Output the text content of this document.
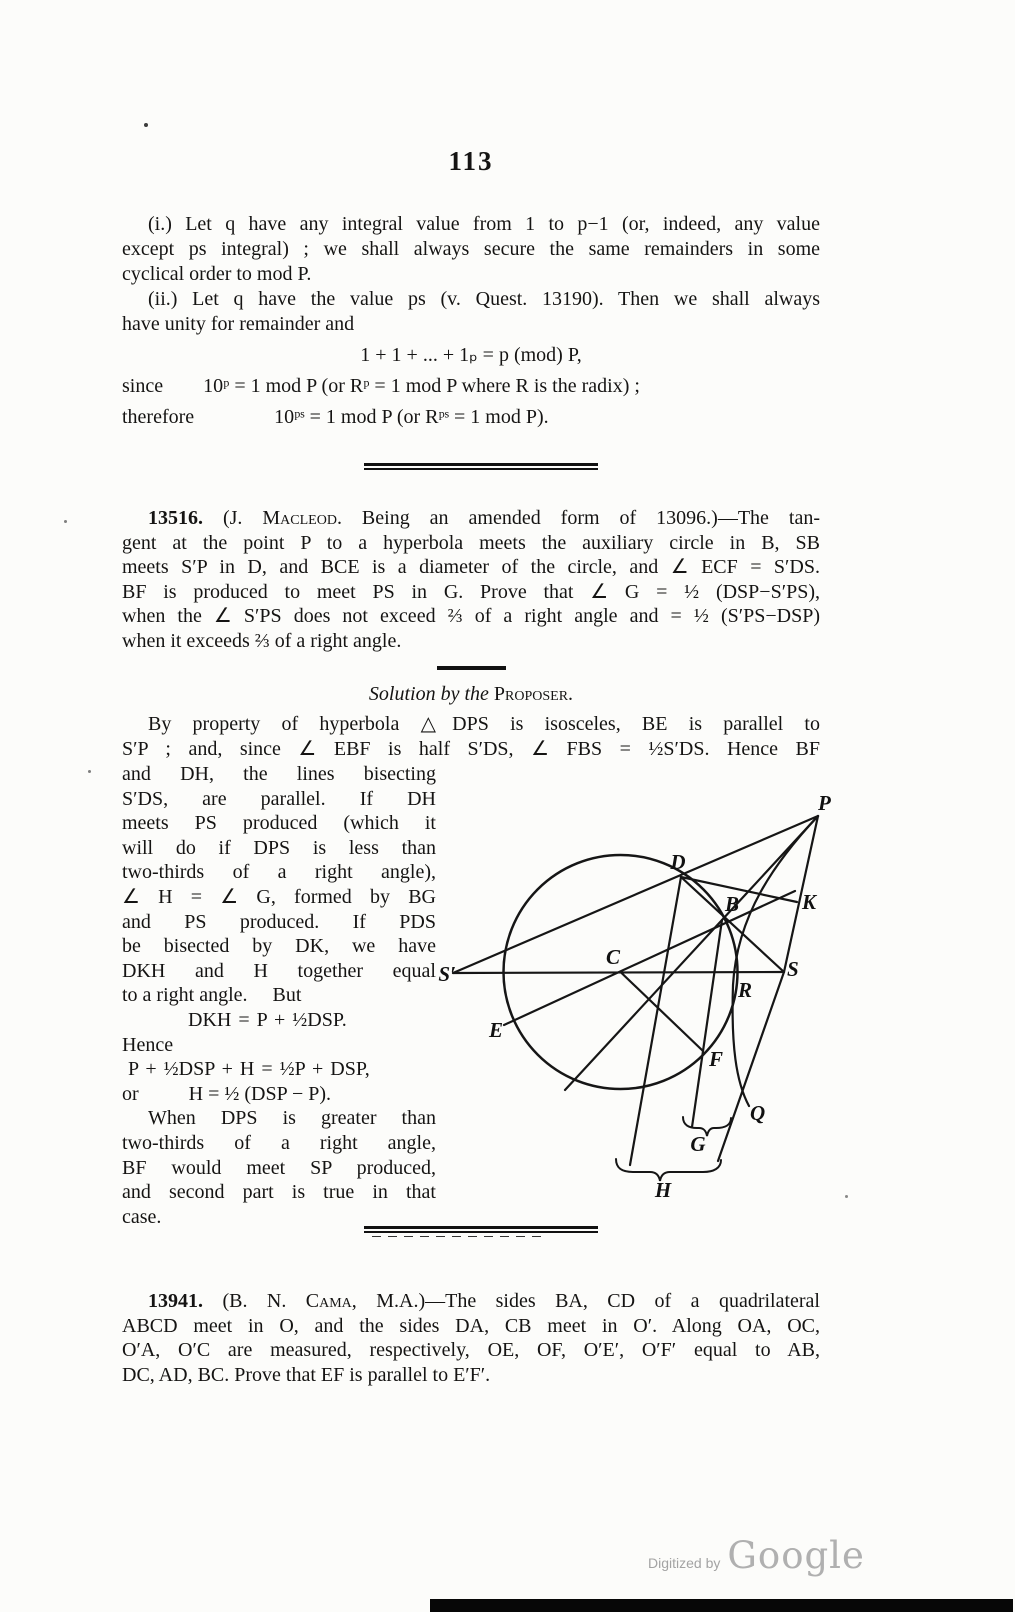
113
(i.) Let q have any integral value from 1 to p−1 (or, indeed, any value
except ps integral) ; we shall always secure the same remainders in some
cyclical order to mod P.
(ii.) Let q have the value ps (v. Quest. 13190). Then we shall always
have unity for remainder and
1 + 1 + ... + 1ₚ = p (mod) P,
since  10ᵖ = 1 mod P (or Rᵖ = 1 mod P where R is the radix) ;
therefore    10ᵖˢ = 1 mod P (or Rᵖˢ = 1 mod P).
13516. (J. Macleod. Being an amended form of 13096.)—The tan-
gent at the point P to a hyperbola meets the auxiliary circle in B, SB
meets S′P in D, and BCE is a diameter of the circle, and ∠ ECF = S′DS.
BF is produced to meet PS in G. Prove that ∠ G = ½ (DSP−S′PS),
when the ∠ S′PS does not exceed ⅔ of a right angle and = ½ (S′PS−DSP)
when it exceeds ⅔ of a right angle.
Solution by the Proposer.
By property of hyperbola △DPS is isosceles, BE is parallel to
S′P ; and, since ∠ EBF is half S′DS, ∠ FBS = ½S′DS. Hence BF
and DH, the lines bisecting
S′DS, are parallel. If DH
meets PS produced (which it
will do if DPS is less than
two-thirds of a right angle),
∠ H = ∠ G, formed by BG
and PS produced. If PDS
be bisected by DK, we have
DKH and H together equal
to a right angle.   But
DKH = P + ½DSP.
Hence
P + ½DSP + H = ½P + DSP,
or   H = ½ (DSP − P).
When DPS is greater than
two-thirds of a right angle,
BF would meet SP produced,
and second part is true in that
case.
P
D
B	K
C
S′	S
R
E
F
Q
G
H
13941. (B. N. Cama, M.A.)—The sides BA, CD of a quadrilateral
ABCD meet in O, and the sides DA, CB meet in O′. Along OA, OC,
O′A, O′C are measured, respectively, OE, OF, O′E′, O′F′ equal to AB,
DC, AD, BC. Prove that EF is parallel to E′F′.
Digitized by Google
